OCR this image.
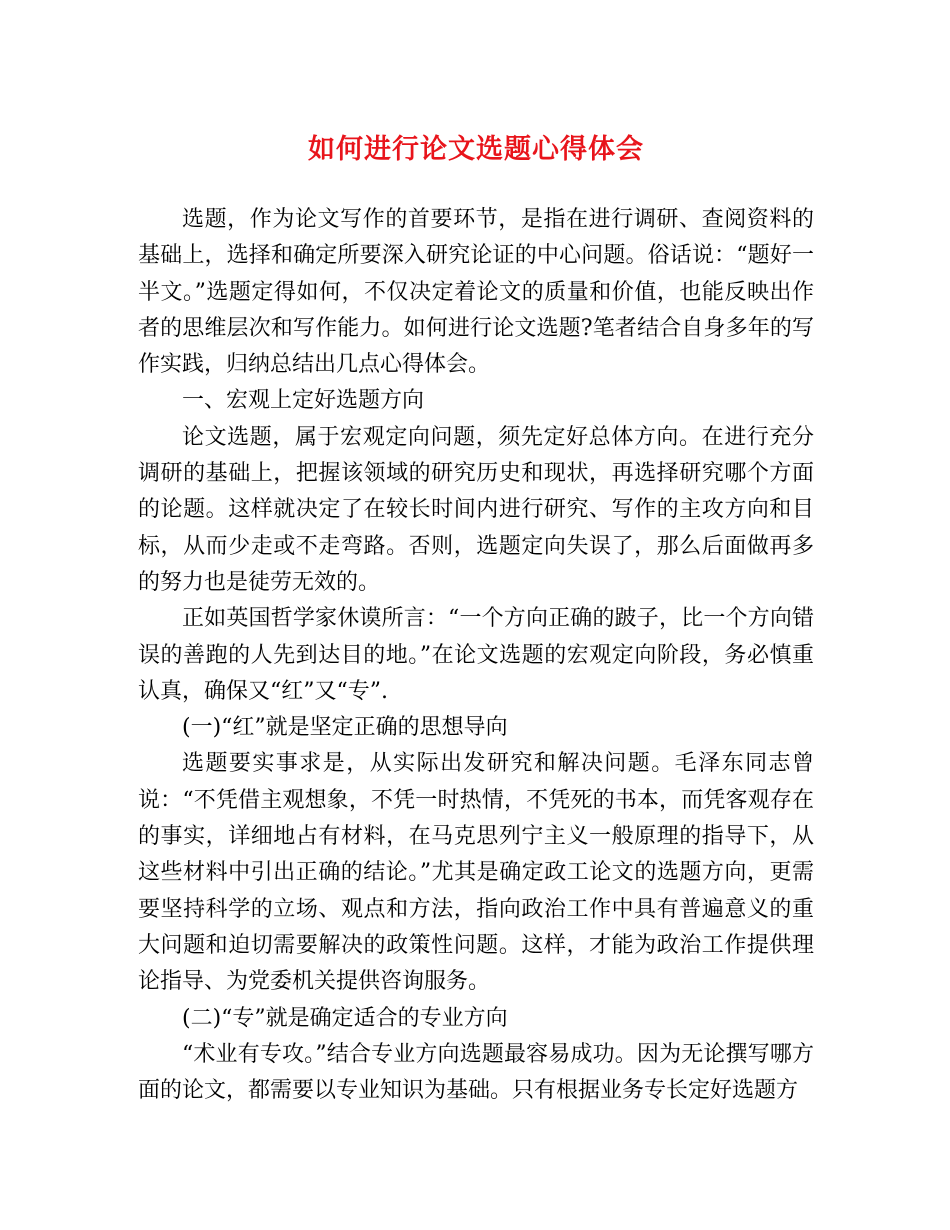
如何进行论文选题心得体会

选题，作为论文写作的首要环节，是指在进行调研、查阅资料的基础上，选择和确定所要深入研究论证的中心问题。俗话说：“题好一半文。”选题定得如何，不仅决定着论文的质量和价值，也能反映出作者的思维层次和写作能力。如何进行论文选题?笔者结合自身多年的写作实践，归纳总结出几点心得体会。

一、宏观上定好选题方向

论文选题，属于宏观定向问题，须先定好总体方向。在进行充分调研的基础上，把握该领域的研究历史和现状，再选择研究哪个方面的论题。这样就决定了在较长时间内进行研究、写作的主攻方向和目标，从而少走或不走弯路。否则，选题定向失误了，那么后面做再多的努力也是徒劳无效的。

正如英国哲学家休谟所言：“一个方向正确的跛子，比一个方向错误的善跑的人先到达目的地。”在论文选题的宏观定向阶段，务必慎重认真，确保又“红”又“专”.

(一)“红”就是坚定正确的思想导向

选题要实事求是，从实际出发研究和解决问题。毛泽东同志曾说：“不凭借主观想象，不凭一时热情，不凭死的书本，而凭客观存在的事实，详细地占有材料，在马克思列宁主义一般原理的指导下，从这些材料中引出正确的结论。”尤其是确定政工论文的选题方向，更需要坚持科学的立场、观点和方法，指向政治工作中具有普遍意义的重大问题和迫切需要解决的政策性问题。这样，才能为政治工作提供理论指导、为党委机关提供咨询服务。

(二)“专”就是确定适合的专业方向

“术业有专攻。”结合专业方向选题最容易成功。因为无论撰写哪方面的论文，都需要以专业知识为基础。只有根据业务专长定好选题方
